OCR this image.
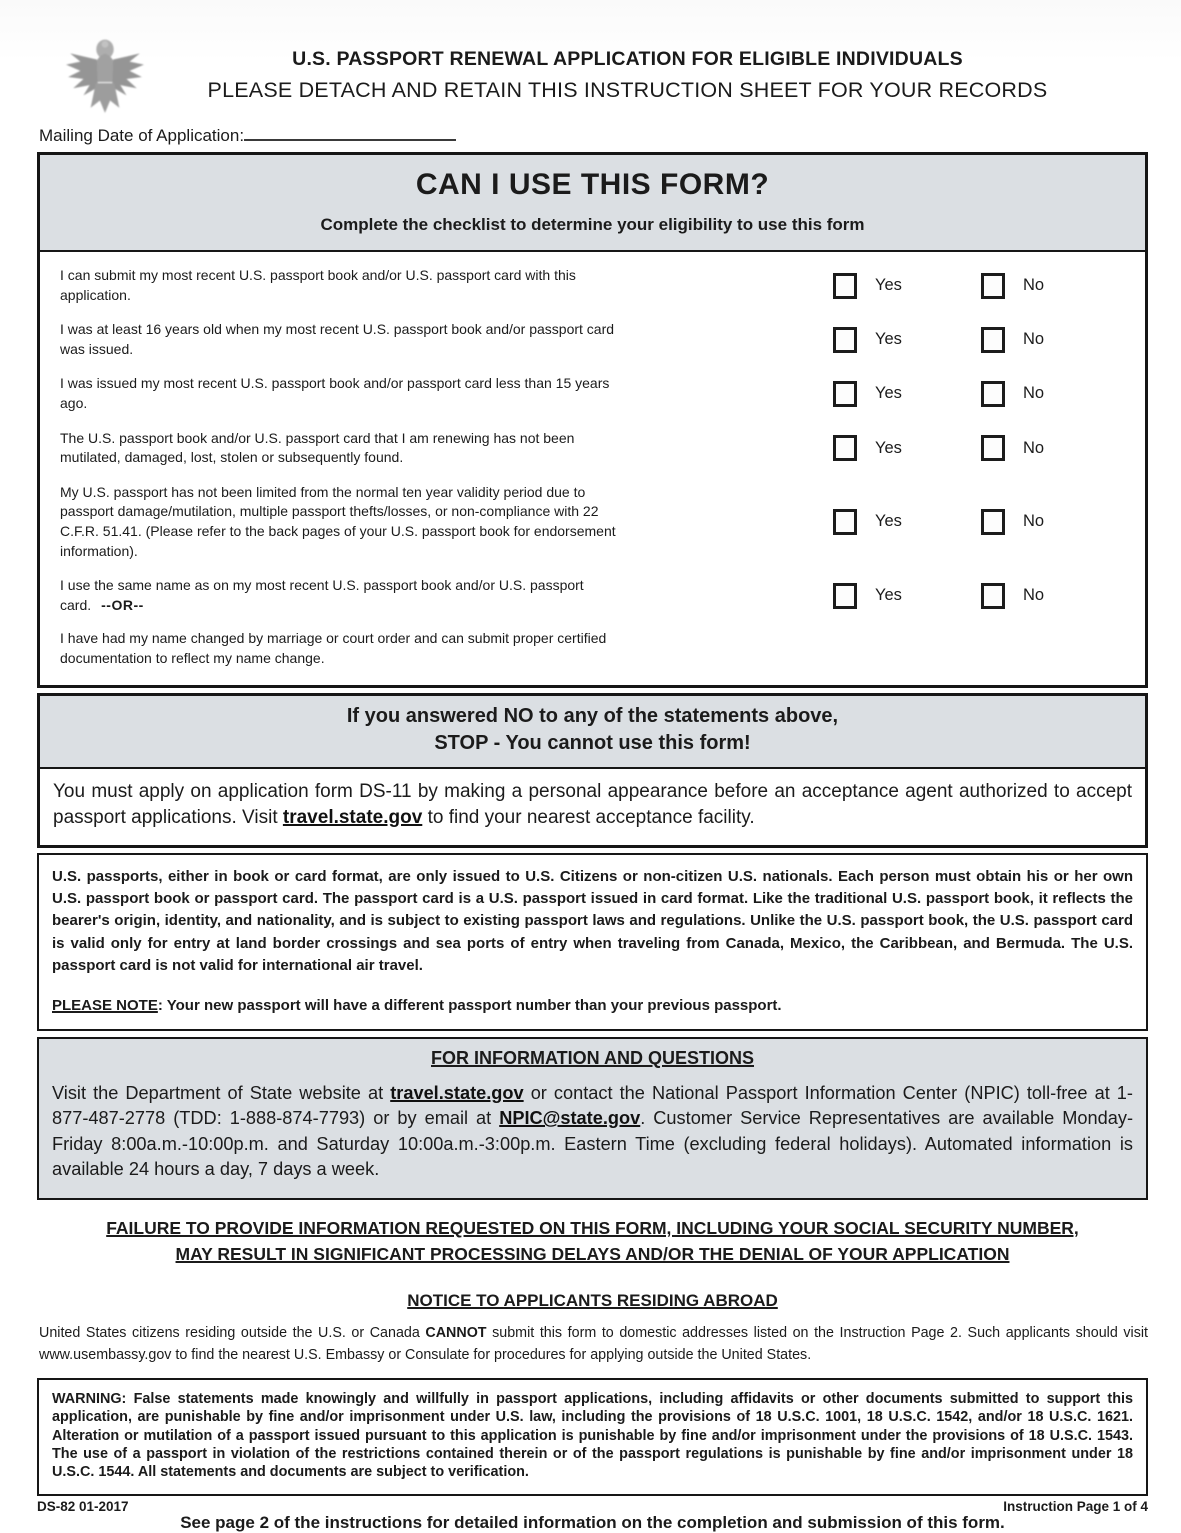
U.S. PASSPORT RENEWAL APPLICATION FOR ELIGIBLE INDIVIDUALS
PLEASE DETACH AND RETAIN THIS INSTRUCTION SHEET FOR YOUR RECORDS
Mailing Date of Application:
CAN I USE THIS FORM?
Complete the checklist to determine your eligibility to use this form

I can submit my most recent U.S. passport book and/or U.S. passport card with this application.

Yes	No

I was at least 16 years old when my most recent U.S. passport book and/or passport card was issued.

Yes	No

I was issued my most recent U.S. passport book and/or passport card less than 15 years ago.

Yes	No

The U.S. passport book and/or U.S. passport card that I am renewing has not been mutilated, damaged, lost, stolen or subsequently found.

Yes	No

My U.S. passport has not been limited from the normal ten year validity period due to passport damage/mutilation, multiple passport thefts/losses, or non-compliance with 22 C.F.R. 51.41. (Please refer to the back pages of your U.S. passport book for endorsement information).

Yes	No

I use the same name as on my most recent U.S. passport book and/or U.S. passport card. --OR--

Yes	No

I have had my name changed by marriage or court order and can submit proper certified documentation to reflect my name change.

If you answered NO to any of the statements above,
STOP - You cannot use this form!

You must apply on application form DS-11 by making a personal appearance before an acceptance agent authorized to accept passport applications. Visit travel.state.gov to find your nearest acceptance facility.

U.S. passports, either in book or card format, are only issued to U.S. Citizens or non-citizen U.S. nationals. Each person must obtain his or her own U.S. passport book or passport card. The passport card is a U.S. passport issued in card format. Like the traditional U.S. passport book, it reflects the bearer's origin, identity, and nationality, and is subject to existing passport laws and regulations. Unlike the U.S. passport book, the U.S. passport card is valid only for entry at land border crossings and sea ports of entry when traveling from Canada, Mexico, the Caribbean, and Bermuda. The U.S. passport card is not valid for international air travel.

PLEASE NOTE: Your new passport will have a different passport number than your previous passport.

FOR INFORMATION AND QUESTIONS

Visit the Department of State website at travel.state.gov or contact the National Passport Information Center (NPIC) toll-free at 1-877-487-2778 (TDD: 1-888-874-7793) or by email at NPIC@state.gov. Customer Service Representatives are available Monday-Friday 8:00a.m.-10:00p.m. and Saturday 10:00a.m.-3:00p.m. Eastern Time (excluding federal holidays). Automated information is available 24 hours a day, 7 days a week.

FAILURE TO PROVIDE INFORMATION REQUESTED ON THIS FORM, INCLUDING YOUR SOCIAL SECURITY NUMBER,
MAY RESULT IN SIGNIFICANT PROCESSING DELAYS AND/OR THE DENIAL OF YOUR APPLICATION
NOTICE TO APPLICANTS RESIDING ABROAD

United States citizens residing outside the U.S. or Canada CANNOT submit this form to domestic addresses listed on the Instruction Page 2. Such applicants should visit www.usembassy.gov to find the nearest U.S. Embassy or Consulate for procedures for applying outside the United States.

WARNING: False statements made knowingly and willfully in passport applications, including affidavits or other documents submitted to support this application, are punishable by fine and/or imprisonment under U.S. law, including the provisions of 18 U.S.C. 1001, 18 U.S.C. 1542, and/or 18 U.S.C. 1621. Alteration or mutilation of a passport issued pursuant to this application is punishable by fine and/or imprisonment under the provisions of 18 U.S.C. 1543. The use of a passport in violation of the restrictions contained therein or of the passport regulations is punishable by fine and/or imprisonment under 18 U.S.C. 1544. All statements and documents are subject to verification.

See page 2 of the instructions for detailed information on the completion and submission of this form.

DS-82 01-2017	Instruction Page 1 of 4
